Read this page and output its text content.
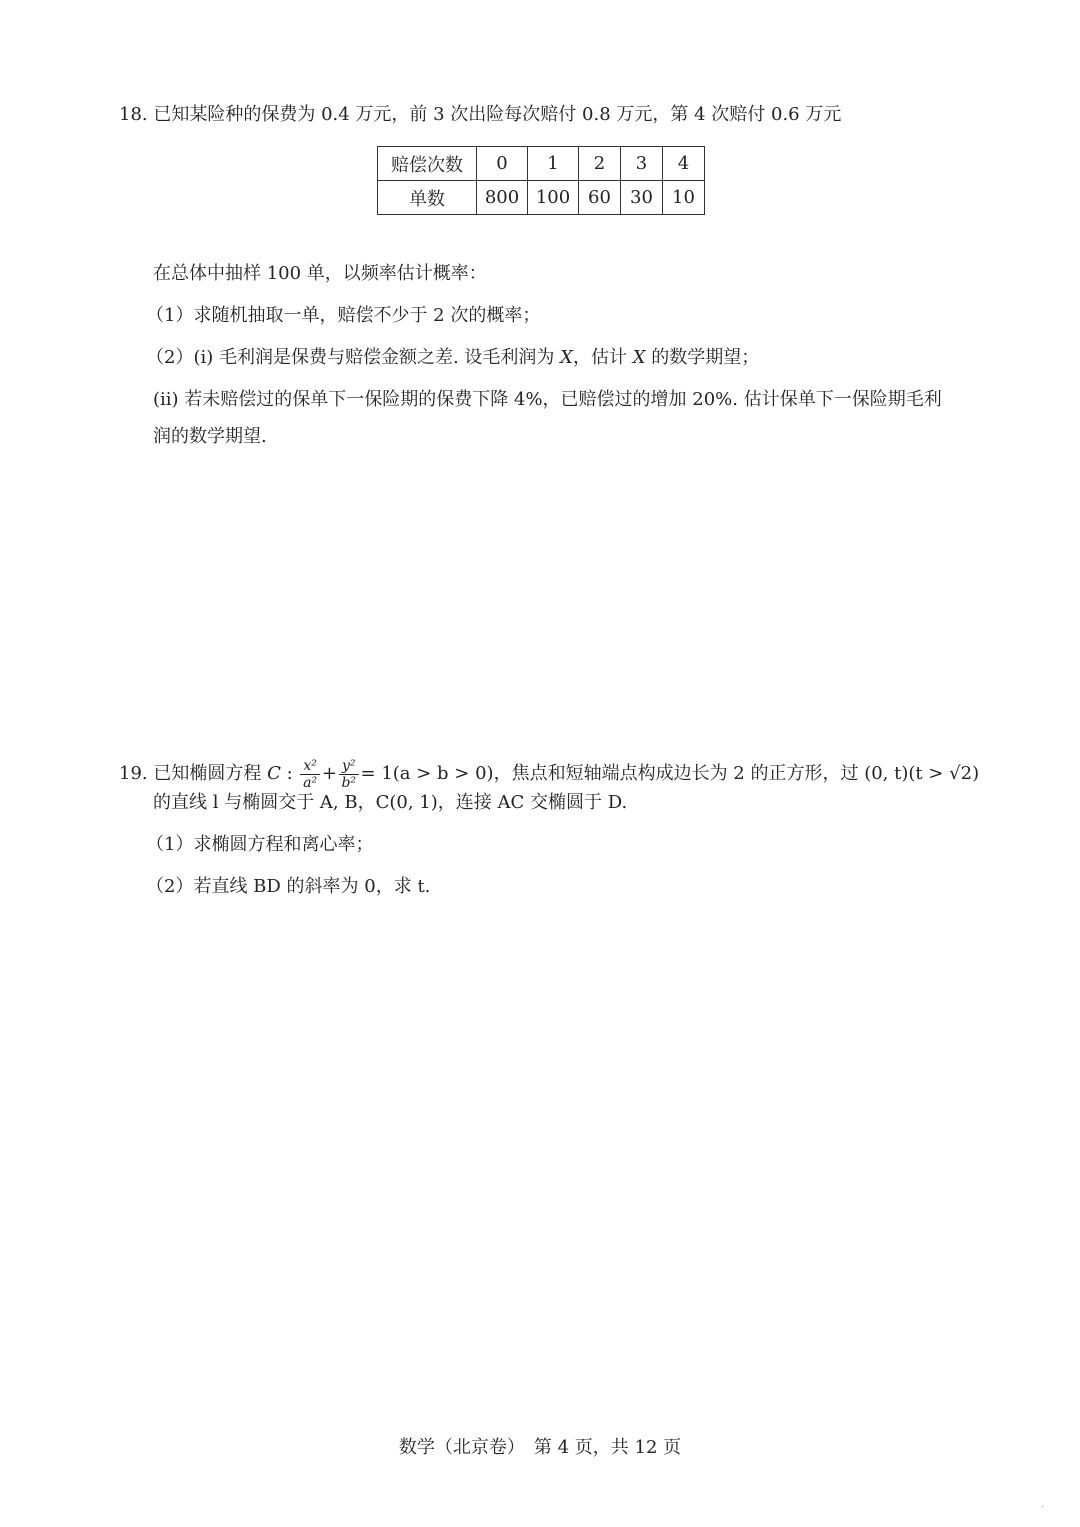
18. 已知某险种的保费为 0.4 万元，前 3 次出险每次赔付 0.8 万元，第 4 次赔付 0.6 万元
赔偿次数	0	1	2	3	4
单数	800	100	60	30	10
在总体中抽样 100 单，以频率估计概率：
（1）求随机抽取一单，赔偿不少于 2 次的概率；
（2）(i) 毛利润是保费与赔偿金额之差. 设毛利润为 X，估计 X 的数学期望；
(ii) 若未赔偿过的保单下一保险期的保费下降 4%，已赔偿过的增加 20%. 估计保单下一保险期毛利
润的数学期望.
19. 已知椭圆方程 C : $\frac{\text{x²}}{\text{a²}} + \frac{\text{y²}}{\text{b²}} = 1(a > b > 0)$，焦点和短轴端点构成边长为 2 的正方形，过 (0, t)(t > √2)
的直线 l 与椭圆交于 A, B，C(0, 1)，连接 AC 交椭圆于 D.
（1）求椭圆方程和离心率；
（2）若直线 BD 的斜率为 0，求 t.
数学（北京卷）　第 4 页，共 12 页
·
